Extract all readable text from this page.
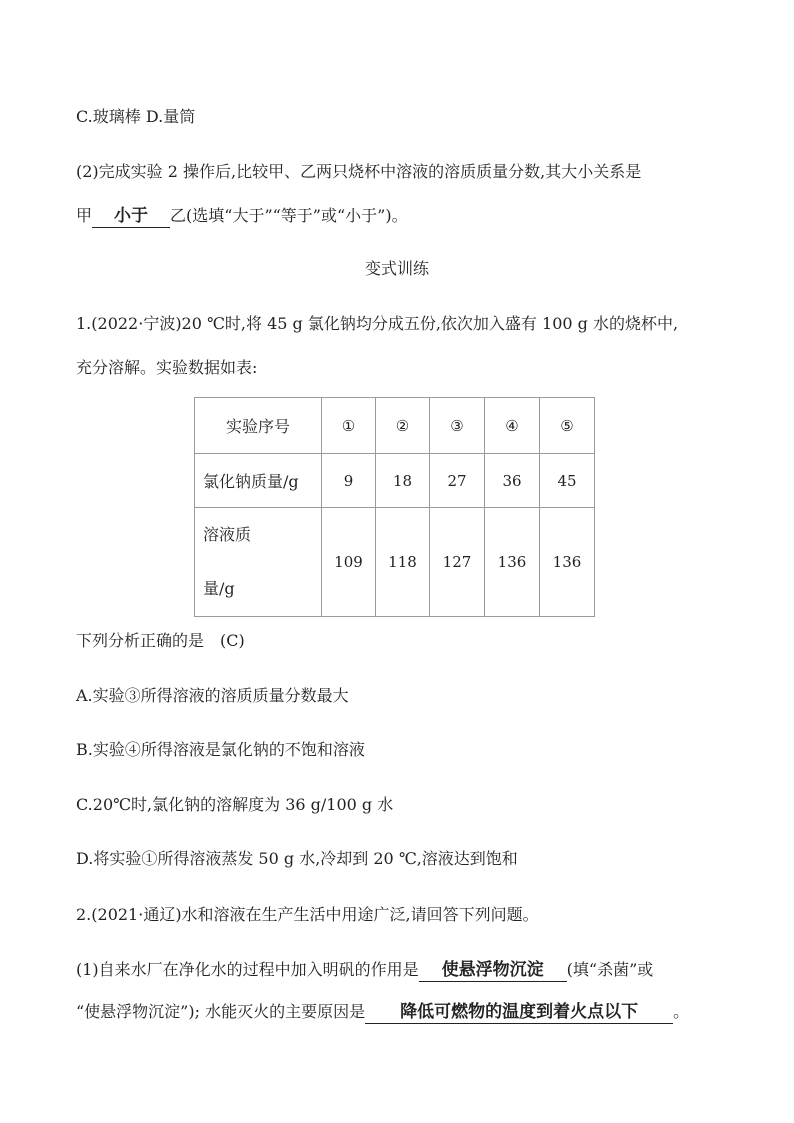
C.玻璃棒 D.量筒
(2)完成实验 2 操作后,比较甲、乙两只烧杯中溶液的溶质质量分数,其大小关系是
甲 小于 乙(选填“大于”“等于”或“小于”)。
变式训练
1.(2022·宁波)20 ℃时,将 45 g 氯化钠均分成五份,依次加入盛有 100 g 水的烧杯中,
充分溶解。实验数据如表:
实验序号	①	②	③	④	⑤
氯化钠质量/g	9	18	27	36	45

溶液质
量/g	109	118	127	136	136
下列分析正确的是　(C)
A.实验③所得溶液的溶质质量分数最大
B.实验④所得溶液是氯化钠的不饱和溶液
C.20℃时,氯化钠的溶解度为 36 g/100 g 水
D.将实验①所得溶液蒸发 50 g 水,冷却到 20 ℃,溶液达到饱和
2.(2021·通辽)水和溶液在生产生活中用途广泛,请回答下列问题。
(1)自来水厂在净化水的过程中加入明矾的作用是 使悬浮物沉淀 (填“杀菌”或
“使悬浮物沉淀”); 水能灭火的主要原因是 降低可燃物的温度到着火点以下 。
